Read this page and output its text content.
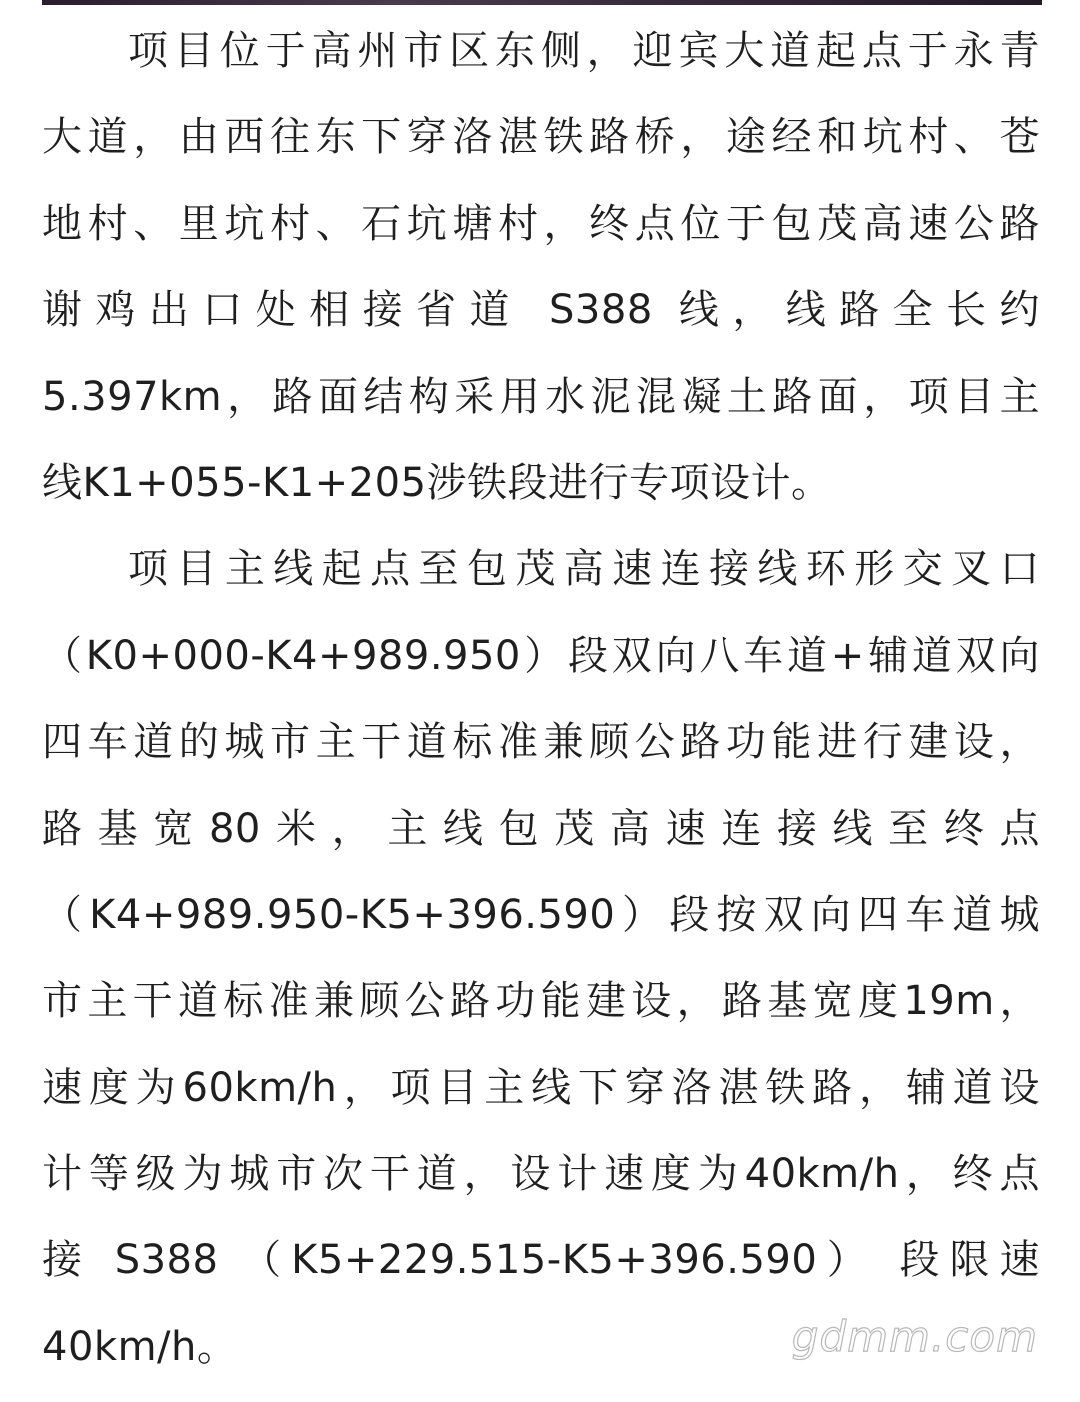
项目位于高州市区东侧，迎宾大道起点于永青
大道，由西往东下穿洛湛铁路桥，途经和坑村、苍
地村、里坑村、石坑塘村，终点位于包茂高速公路
谢鸡出口处相接省道 S388 线，线路全长约
5.397km，路面结构采用水泥混凝土路面，项目主
线K1+055-K1+205涉铁段进行专项设计。
项目主线起点至包茂高速连接线环形交叉口
（K0+000-K4+989.950）段双向八车道+辅道双向
四车道的城市主干道标准兼顾公路功能进行建设，
路基宽80米，主线包茂高速连接线至终点
（K4+989.950-K5+396.590）段按双向四车道城
市主干道标准兼顾公路功能建设，路基宽度19m，
速度为60km/h，项目主线下穿洛湛铁路，辅道设
计等级为城市次干道，设计速度为40km/h，终点
接 S388 （K5+229.515-K5+396.590） 段限速
40km/h。	gdmm.com
